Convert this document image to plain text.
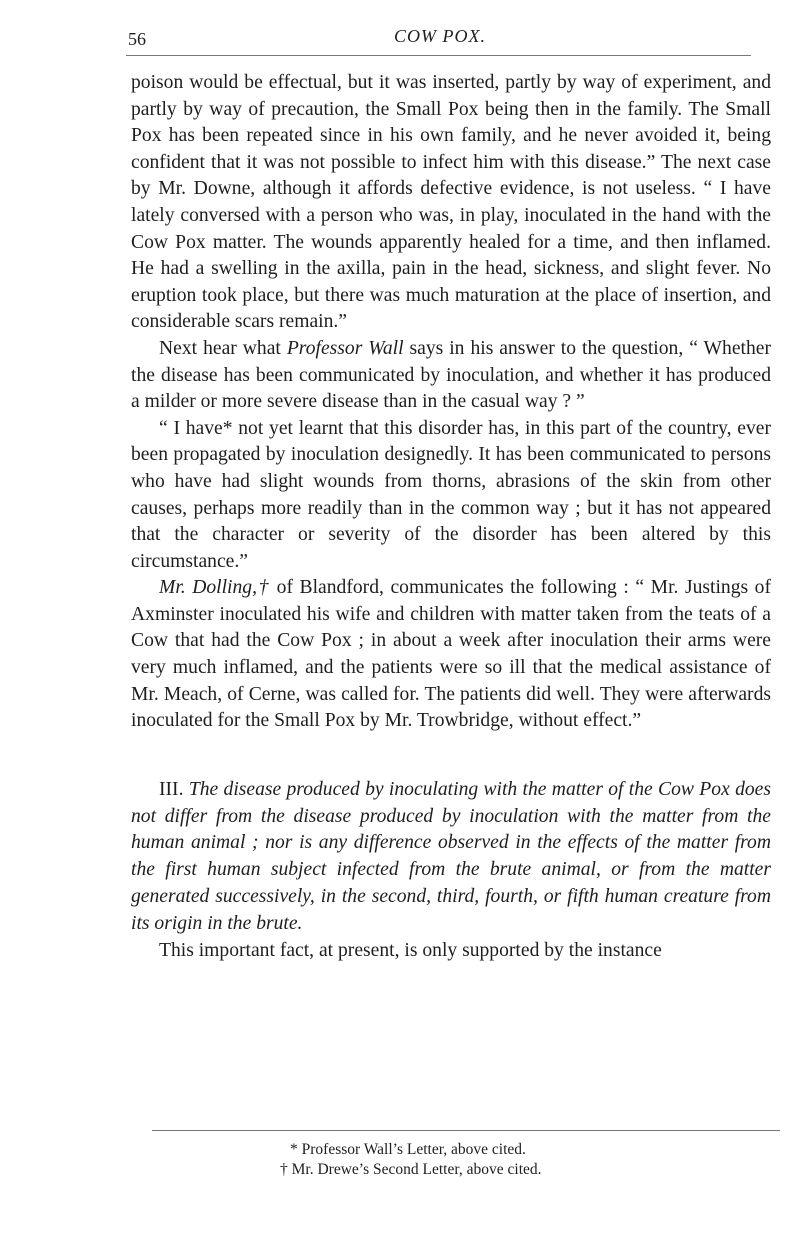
56	COW POX.

poison would be effectual, but it was inserted, partly by way of experiment, and partly by way of precaution, the Small Pox being then in the family. The Small Pox has been repeated since in his own family, and he never avoided it, being confident that it was not possible to infect him with this disease.” The next case by Mr. Downe, although it affords defective evidence, is not useless. “ I have lately conversed with a person who was, in play, inoculated in the hand with the Cow Pox matter. The wounds apparently healed for a time, and then inflamed. He had a swelling in the axilla, pain in the head, sickness, and slight fever. No eruption took place, but there was much maturation at the place of insertion, and considerable scars remain.”

Next hear what Professor Wall says in his answer to the question, “ Whether the disease has been communicated by inoculation, and whether it has produced a milder or more severe disease than in the casual way ? ”

“ I have* not yet learnt that this disorder has, in this part of the country, ever been propagated by inoculation designedly. It has been communicated to persons who have had slight wounds from thorns, abrasions of the skin from other causes, perhaps more readily than in the common way ; but it has not appeared that the character or severity of the disorder has been altered by this circumstance.”

Mr. Dolling,† of Blandford, communicates the following : “ Mr. Justings of Axminster inoculated his wife and children with matter taken from the teats of a Cow that had the Cow Pox ; in about a week after inoculation their arms were very much inflamed, and the patients were so ill that the medical assistance of Mr. Meach, of Cerne, was called for. The patients did well. They were afterwards inoculated for the Small Pox by Mr. Trowbridge, without effect.”

III. The disease produced by inoculating with the matter of the Cow Pox does not differ from the disease produced by inoculation with the matter from the human animal ; nor is any difference observed in the effects of the matter from the first human subject infected from the brute animal, or from the matter generated successively, in the second, third, fourth, or fifth human creature from its origin in the brute.

This important fact, at present, is only supported by the instance

* Professor Wall’s Letter, above cited.
† Mr. Drewe’s Second Letter, above cited.
